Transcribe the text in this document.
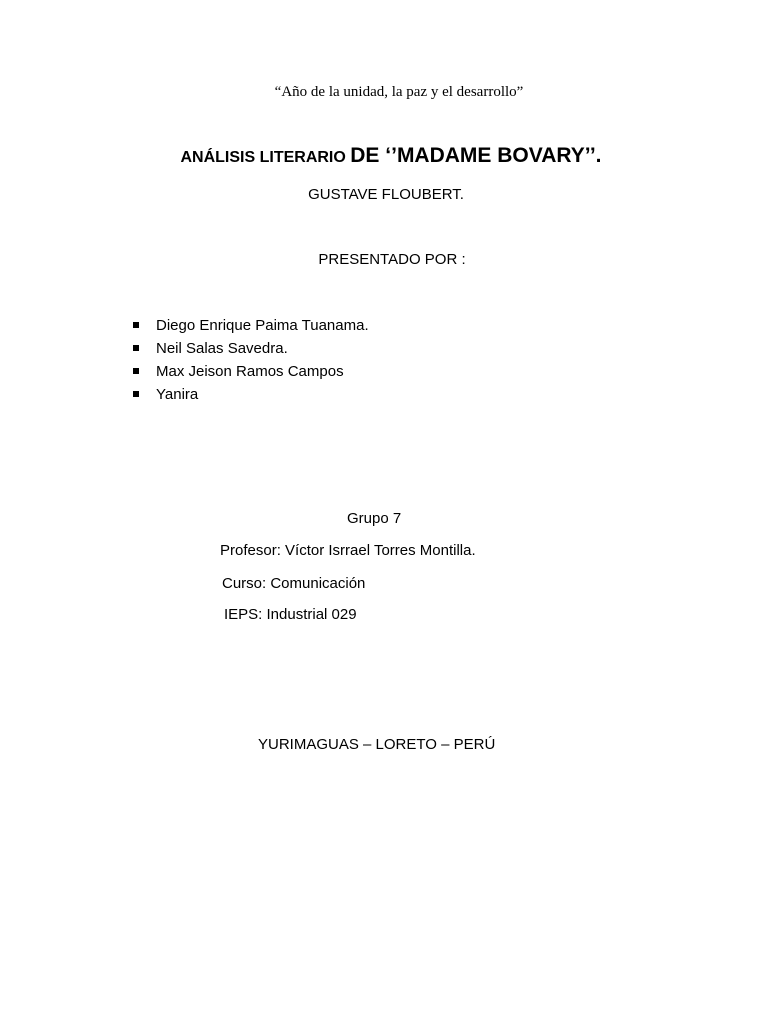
“Año de la unidad, la paz y el desarrollo”
ANÁLISIS LITERARIO DE ‘’MADAME BOVARY’’.
GUSTAVE FLOUBERT.
PRESENTADO POR :
Diego Enrique Paima Tuanama.
Neil Salas Savedra.
Max Jeison Ramos Campos
Yanira
Grupo 7
Profesor: Víctor Isrrael Torres Montilla.
Curso: Comunicación
IEPS: Industrial 029
YURIMAGUAS – LORETO – PERÚ
